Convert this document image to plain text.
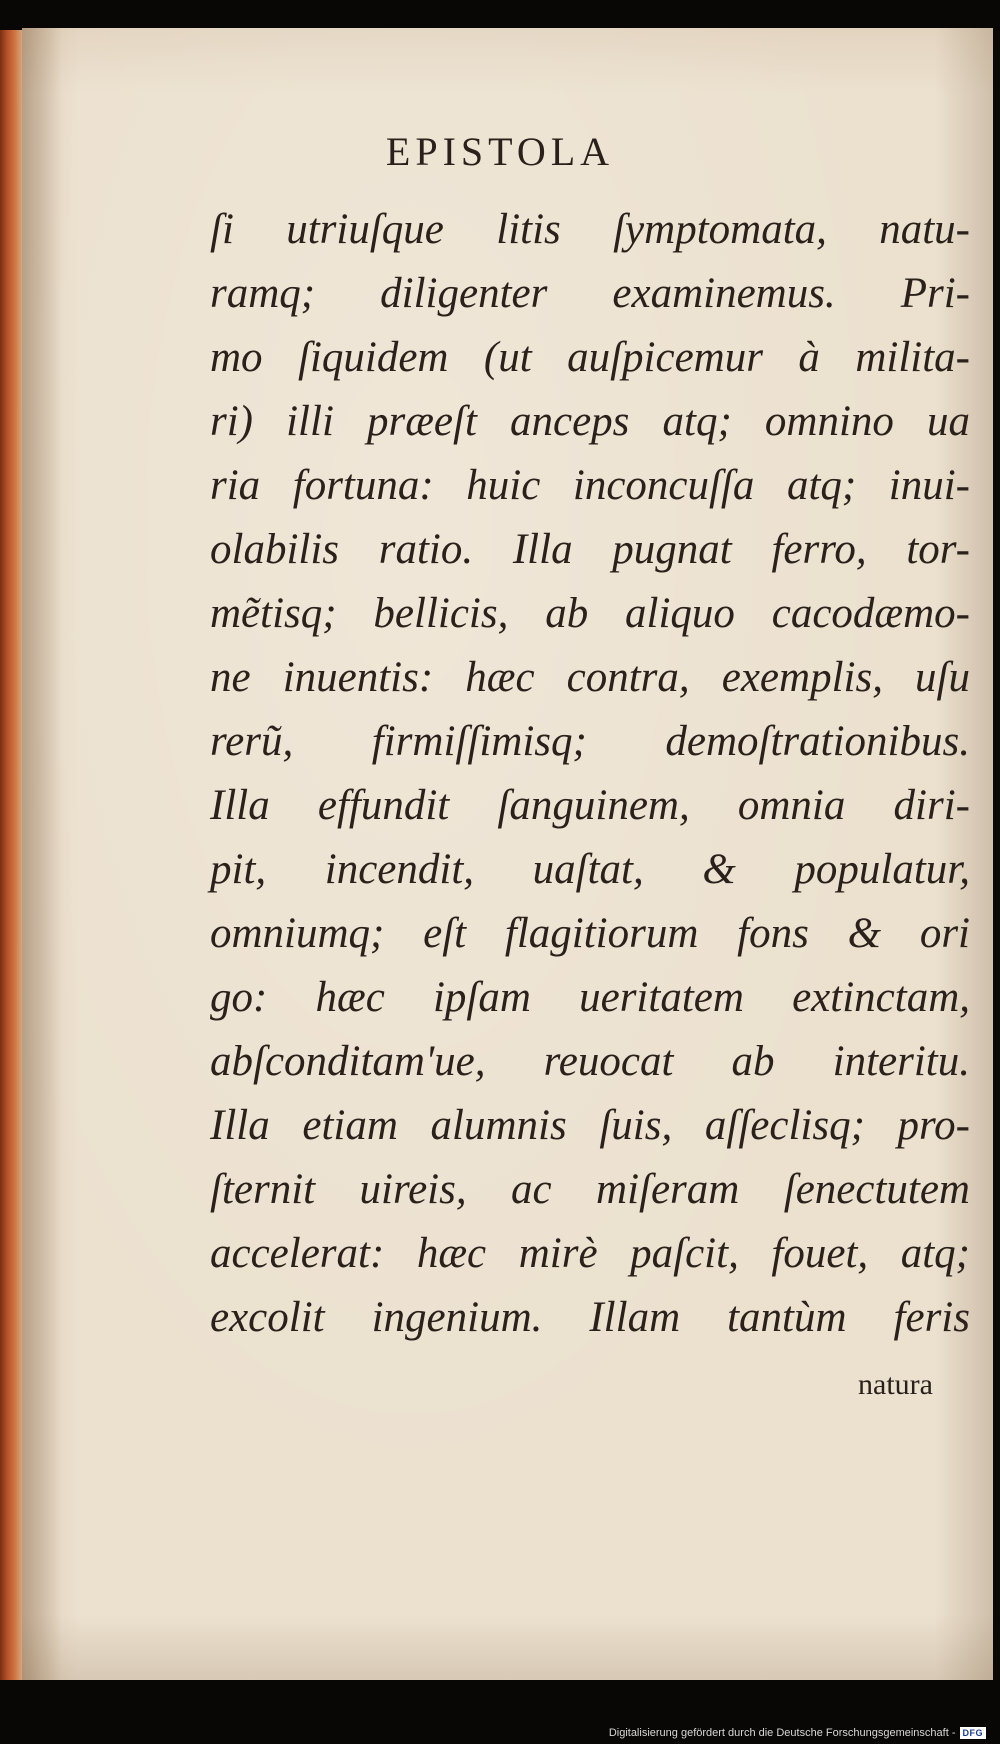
EPISTOLA
ſi utriuſque litis ſymptomata, natu-
ramq; diligenter examinemus. Pri-
mo ſiquidem (ut auſpicemur à milita-
ri) illi præeſt anceps atq; omnino ua
ria fortuna: huic inconcuſſa atq; inui-
olabilis ratio. Illa pugnat ferro, tor-
mẽtisq; bellicis, ab aliquo cacodæmo-
ne inuentis: hæc contra, exemplis, uſu
rerũ, firmiſſimisq; demoſtrationibus.
Illa effundit ſanguinem, omnia diri-
pit, incendit, uaſtat, & populatur,
omniumq; eſt flagitiorum fons & ori
go: hæc ipſam ueritatem extinctam,
abſconditam'ue, reuocat ab interitu.
Illa etiam alumnis ſuis, aſſeclisq; pro-
ſternit uireis, ac miſeram ſenectutem
accelerat: hæc mirè paſcit, fouet, atq;
excolit ingenium. Illam tantùm feris
natura
Digitalisierung gefördert durch die Deutsche Forschungsgemeinschaft - DFG
